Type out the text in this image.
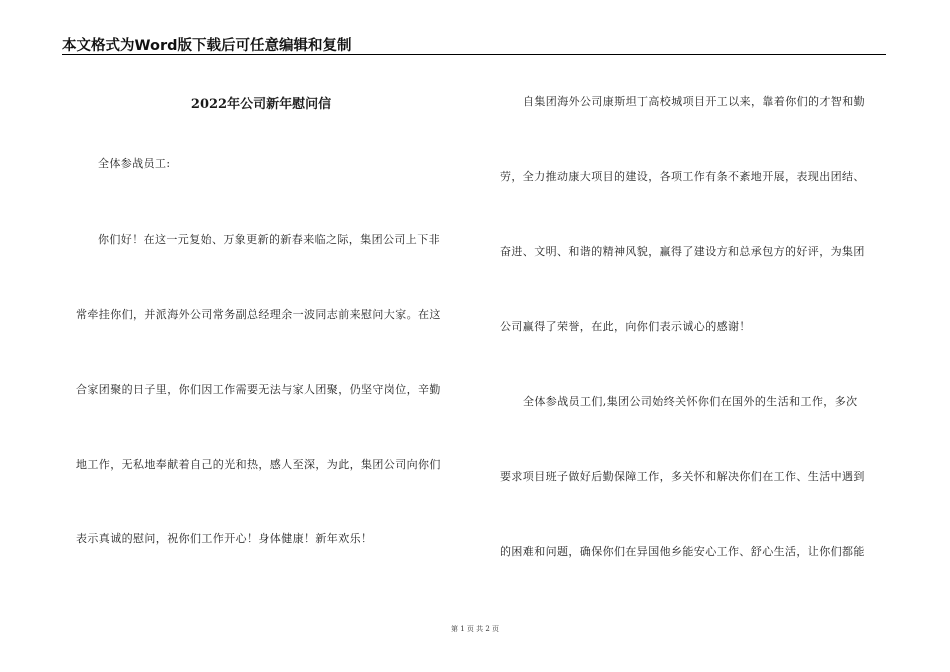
本文格式为Word版下载后可任意编辑和复制
2022年公司新年慰问信
全体参战员工:
你们好！在这一元复始、万象更新的新春来临之际，集团公司上下非
常牵挂你们，并派海外公司常务副总经理余一波同志前来慰问大家。在这
合家团聚的日子里，你们因工作需要无法与家人团聚，仍坚守岗位，辛勤
地工作，无私地奉献着自己的光和热，感人至深，为此，集团公司向你们
表示真诚的慰问，祝你们工作开心！身体健康！新年欢乐！
自集团海外公司康斯坦丁高校城项目开工以来，靠着你们的才智和勤
劳，全力推动康大项目的建设，各项工作有条不紊地开展，表现出团结、
奋进、文明、和谐的精神风貌，赢得了建设方和总承包方的好评，为集团
公司赢得了荣誉，在此，向你们表示诚心的感谢！
全体参战员工们,集团公司始终关怀你们在国外的生活和工作，多次
要求项目班子做好后勤保障工作，多关怀和解决你们在工作、生活中遇到
的困难和问题，确保你们在异国他乡能安心工作、舒心生活，让你们都能
第 1 页 共 2 页
